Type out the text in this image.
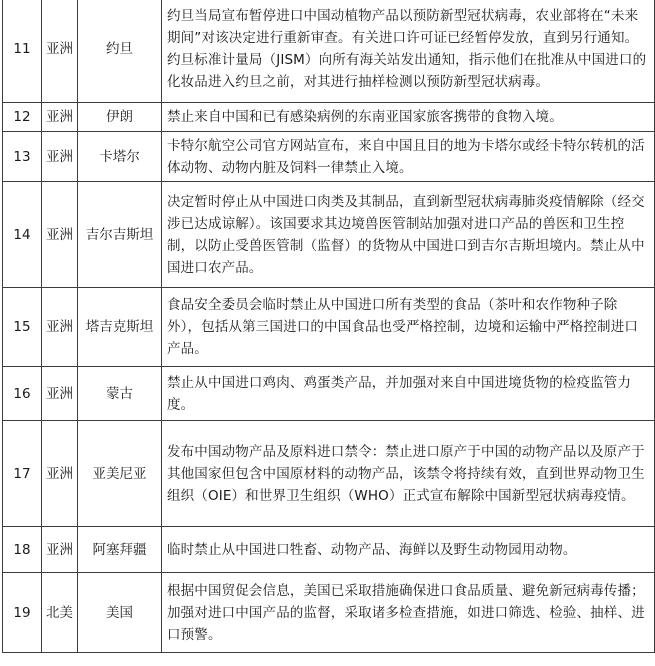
11	亚洲	约旦	约旦当局宣布暂停进口中国动植物产品以预防新型冠状病毒，农业部将在“未来期间”对该决定进行重新审查。有关进口许可证已经暂停发放，直到另行通知。约旦标准计量局（JISM）向所有海关站发出通知，指示他们在批准从中国进口的化妆品进入约旦之前，对其进行抽样检测以预防新型冠状病毒。
12	亚洲	伊朗	禁止来自中国和已有感染病例的东南亚国家旅客携带的食物入境。
13	亚洲	卡塔尔	卡特尔航空公司官方网站宣布，来自中国且目的地为卡塔尔或经卡特尔转机的活体动物、动物内脏及饲料一律禁止入境。
14	亚洲	吉尔吉斯坦	决定暂时停止从中国进口肉类及其制品，直到新型冠状病毒肺炎疫情解除（经交涉已达成谅解）。该国要求其边境兽医管制站加强对进口产品的兽医和卫生控制，以防止受兽医管制（监督）的货物从中国进口到吉尔吉斯坦境内。禁止从中国进口农产品。
15	亚洲	塔吉克斯坦	食品安全委员会临时禁止从中国进口所有类型的食品（茶叶和农作物种子除外），包括从第三国进口的中国食品也受严格控制，边境和运输中严格控制进口产品。
16	亚洲	蒙古	禁止从中国进口鸡肉、鸡蛋类产品，并加强对来自中国进境货物的检疫监管力度。
17	亚洲	亚美尼亚	发布中国动物产品及原料进口禁令：禁止进口原产于中国的动物产品以及原产于其他国家但包含中国原材料的动物产品，该禁令将持续有效，直到世界动物卫生组织（OIE）和世界卫生组织（WHO）正式宣布解除中国新型冠状病毒疫情。
18	亚洲	阿塞拜疆	临时禁止从中国进口牲畜、动物产品、海鲜以及野生动物园用动物。
19	北美	美国	根据中国贸促会信息，美国已采取措施确保进口食品质量、避免新冠病毒传播；加强对进口中国产品的监督，采取诸多检查措施，如进口筛选、检验、抽样、进口预警。
